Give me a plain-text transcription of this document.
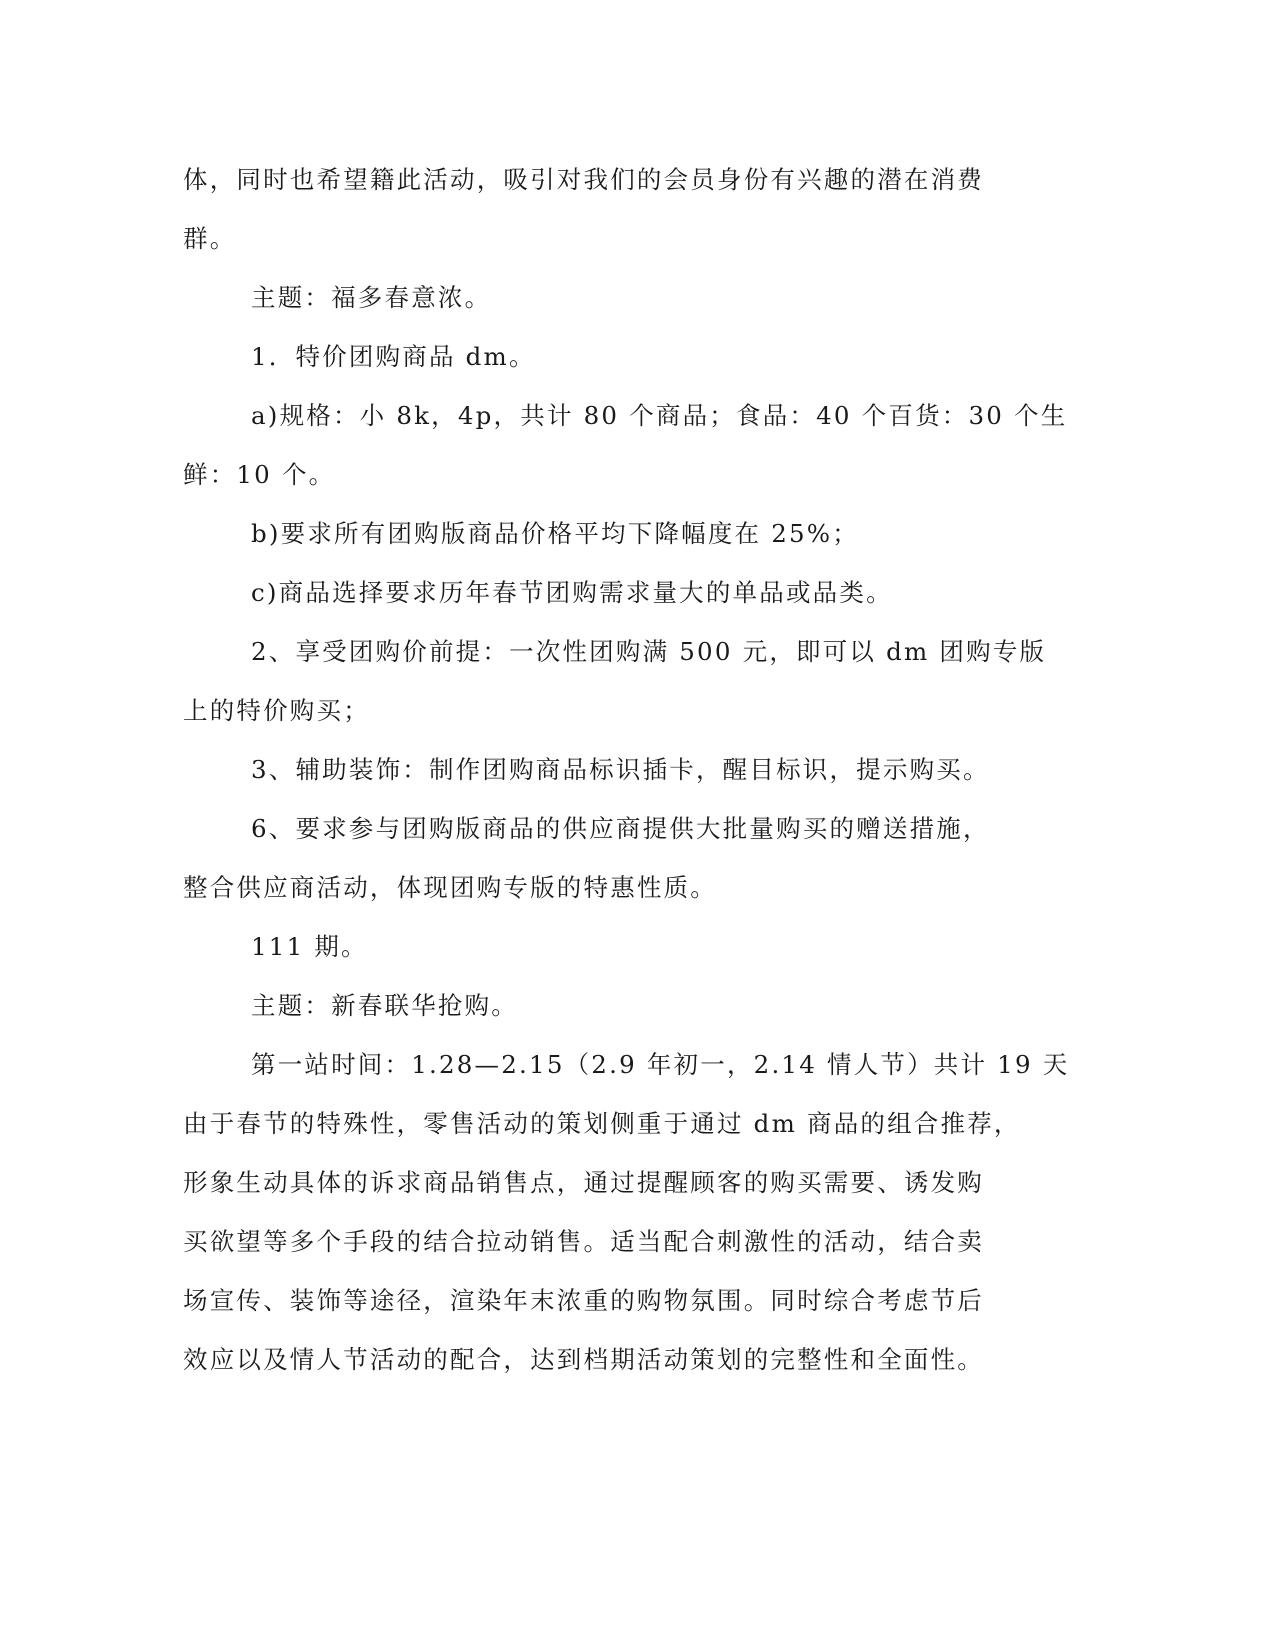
体，同时也希望籍此活动，吸引对我们的会员身份有兴趣的潜在消费
群。
主题：福多春意浓。
1．特价团购商品 dm。
a)规格：小 8k，4p，共计 80 个商品；食品：40 个百货：30 个生
鲜：10 个。
b)要求所有团购版商品价格平均下降幅度在 25%；
c)商品选择要求历年春节团购需求量大的单品或品类。
2、享受团购价前提：一次性团购满 500 元，即可以 dm 团购专版
上的特价购买；
3、辅助装饰：制作团购商品标识插卡，醒目标识，提示购买。
6、要求参与团购版商品的供应商提供大批量购买的赠送措施，
整合供应商活动，体现团购专版的特惠性质。
111 期。
主题：新春联华抢购。
第一站时间：1.28—2.15（2.9 年初一，2.14 情人节）共计 19 天
由于春节的特殊性，零售活动的策划侧重于通过 dm 商品的组合推荐，
形象生动具体的诉求商品销售点，通过提醒顾客的购买需要、诱发购
买欲望等多个手段的结合拉动销售。适当配合刺激性的活动，结合卖
场宣传、装饰等途径，渲染年末浓重的购物氛围。同时综合考虑节后
效应以及情人节活动的配合，达到档期活动策划的完整性和全面性。
